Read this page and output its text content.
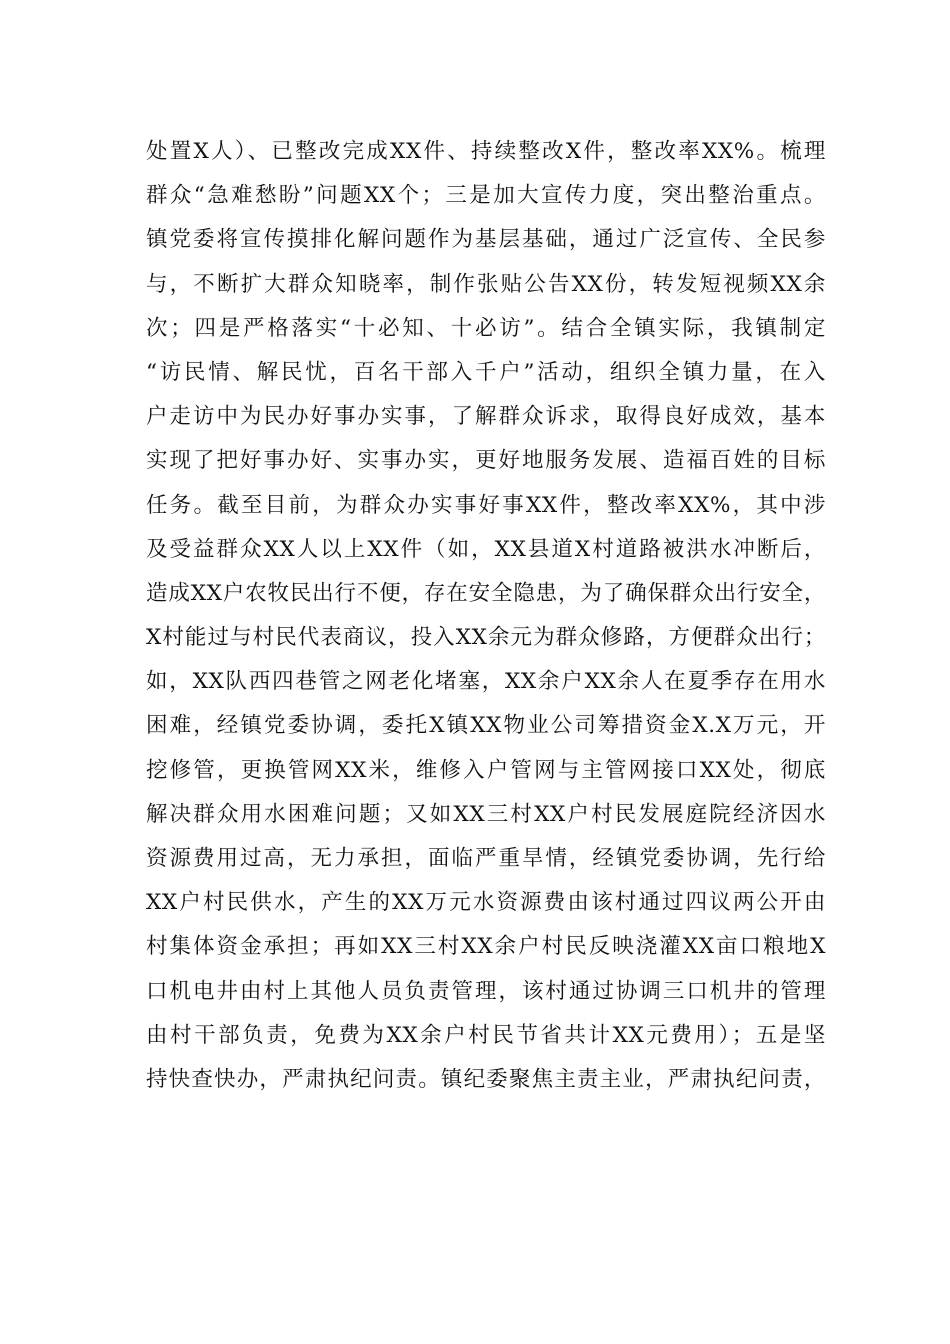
处置X人）、已整改完成XX件、持续整改X件，整改率XX%。梳理
群众“急难愁盼”问题XX个；三是加大宣传力度，突出整治重点。
镇党委将宣传摸排化解问题作为基层基础，通过广泛宣传、全民参
与，不断扩大群众知晓率，制作张贴公告XX份，转发短视频XX余
次；四是严格落实“十必知、十必访”。结合全镇实际，我镇制定
“访民情、解民忧，百名干部入千户”活动，组织全镇力量，在入
户走访中为民办好事办实事，了解群众诉求，取得良好成效，基本
实现了把好事办好、实事办实，更好地服务发展、造福百姓的目标
任务。截至目前，为群众办实事好事XX件，整改率XX%，其中涉
及受益群众XX人以上XX件（如，XX县道X村道路被洪水冲断后，
造成XX户农牧民出行不便，存在安全隐患，为了确保群众出行安全，
X村能过与村民代表商议，投入XX余元为群众修路，方便群众出行；
如，XX队西四巷管之网老化堵塞，XX余户XX余人在夏季存在用水
困难，经镇党委协调，委托X镇XX物业公司筹措资金X.X万元，开
挖修管，更换管网XX米，维修入户管网与主管网接口XX处，彻底
解决群众用水困难问题；又如XX三村XX户村民发展庭院经济因水
资源费用过高，无力承担，面临严重旱情，经镇党委协调，先行给
XX户村民供水，产生的XX万元水资源费由该村通过四议两公开由
村集体资金承担；再如XX三村XX余户村民反映浇灌XX亩口粮地X
口机电井由村上其他人员负责管理，该村通过协调三口机井的管理
由村干部负责，免费为XX余户村民节省共计XX元费用）；五是坚
持快查快办，严肃执纪问责。镇纪委聚焦主责主业，严肃执纪问责，
